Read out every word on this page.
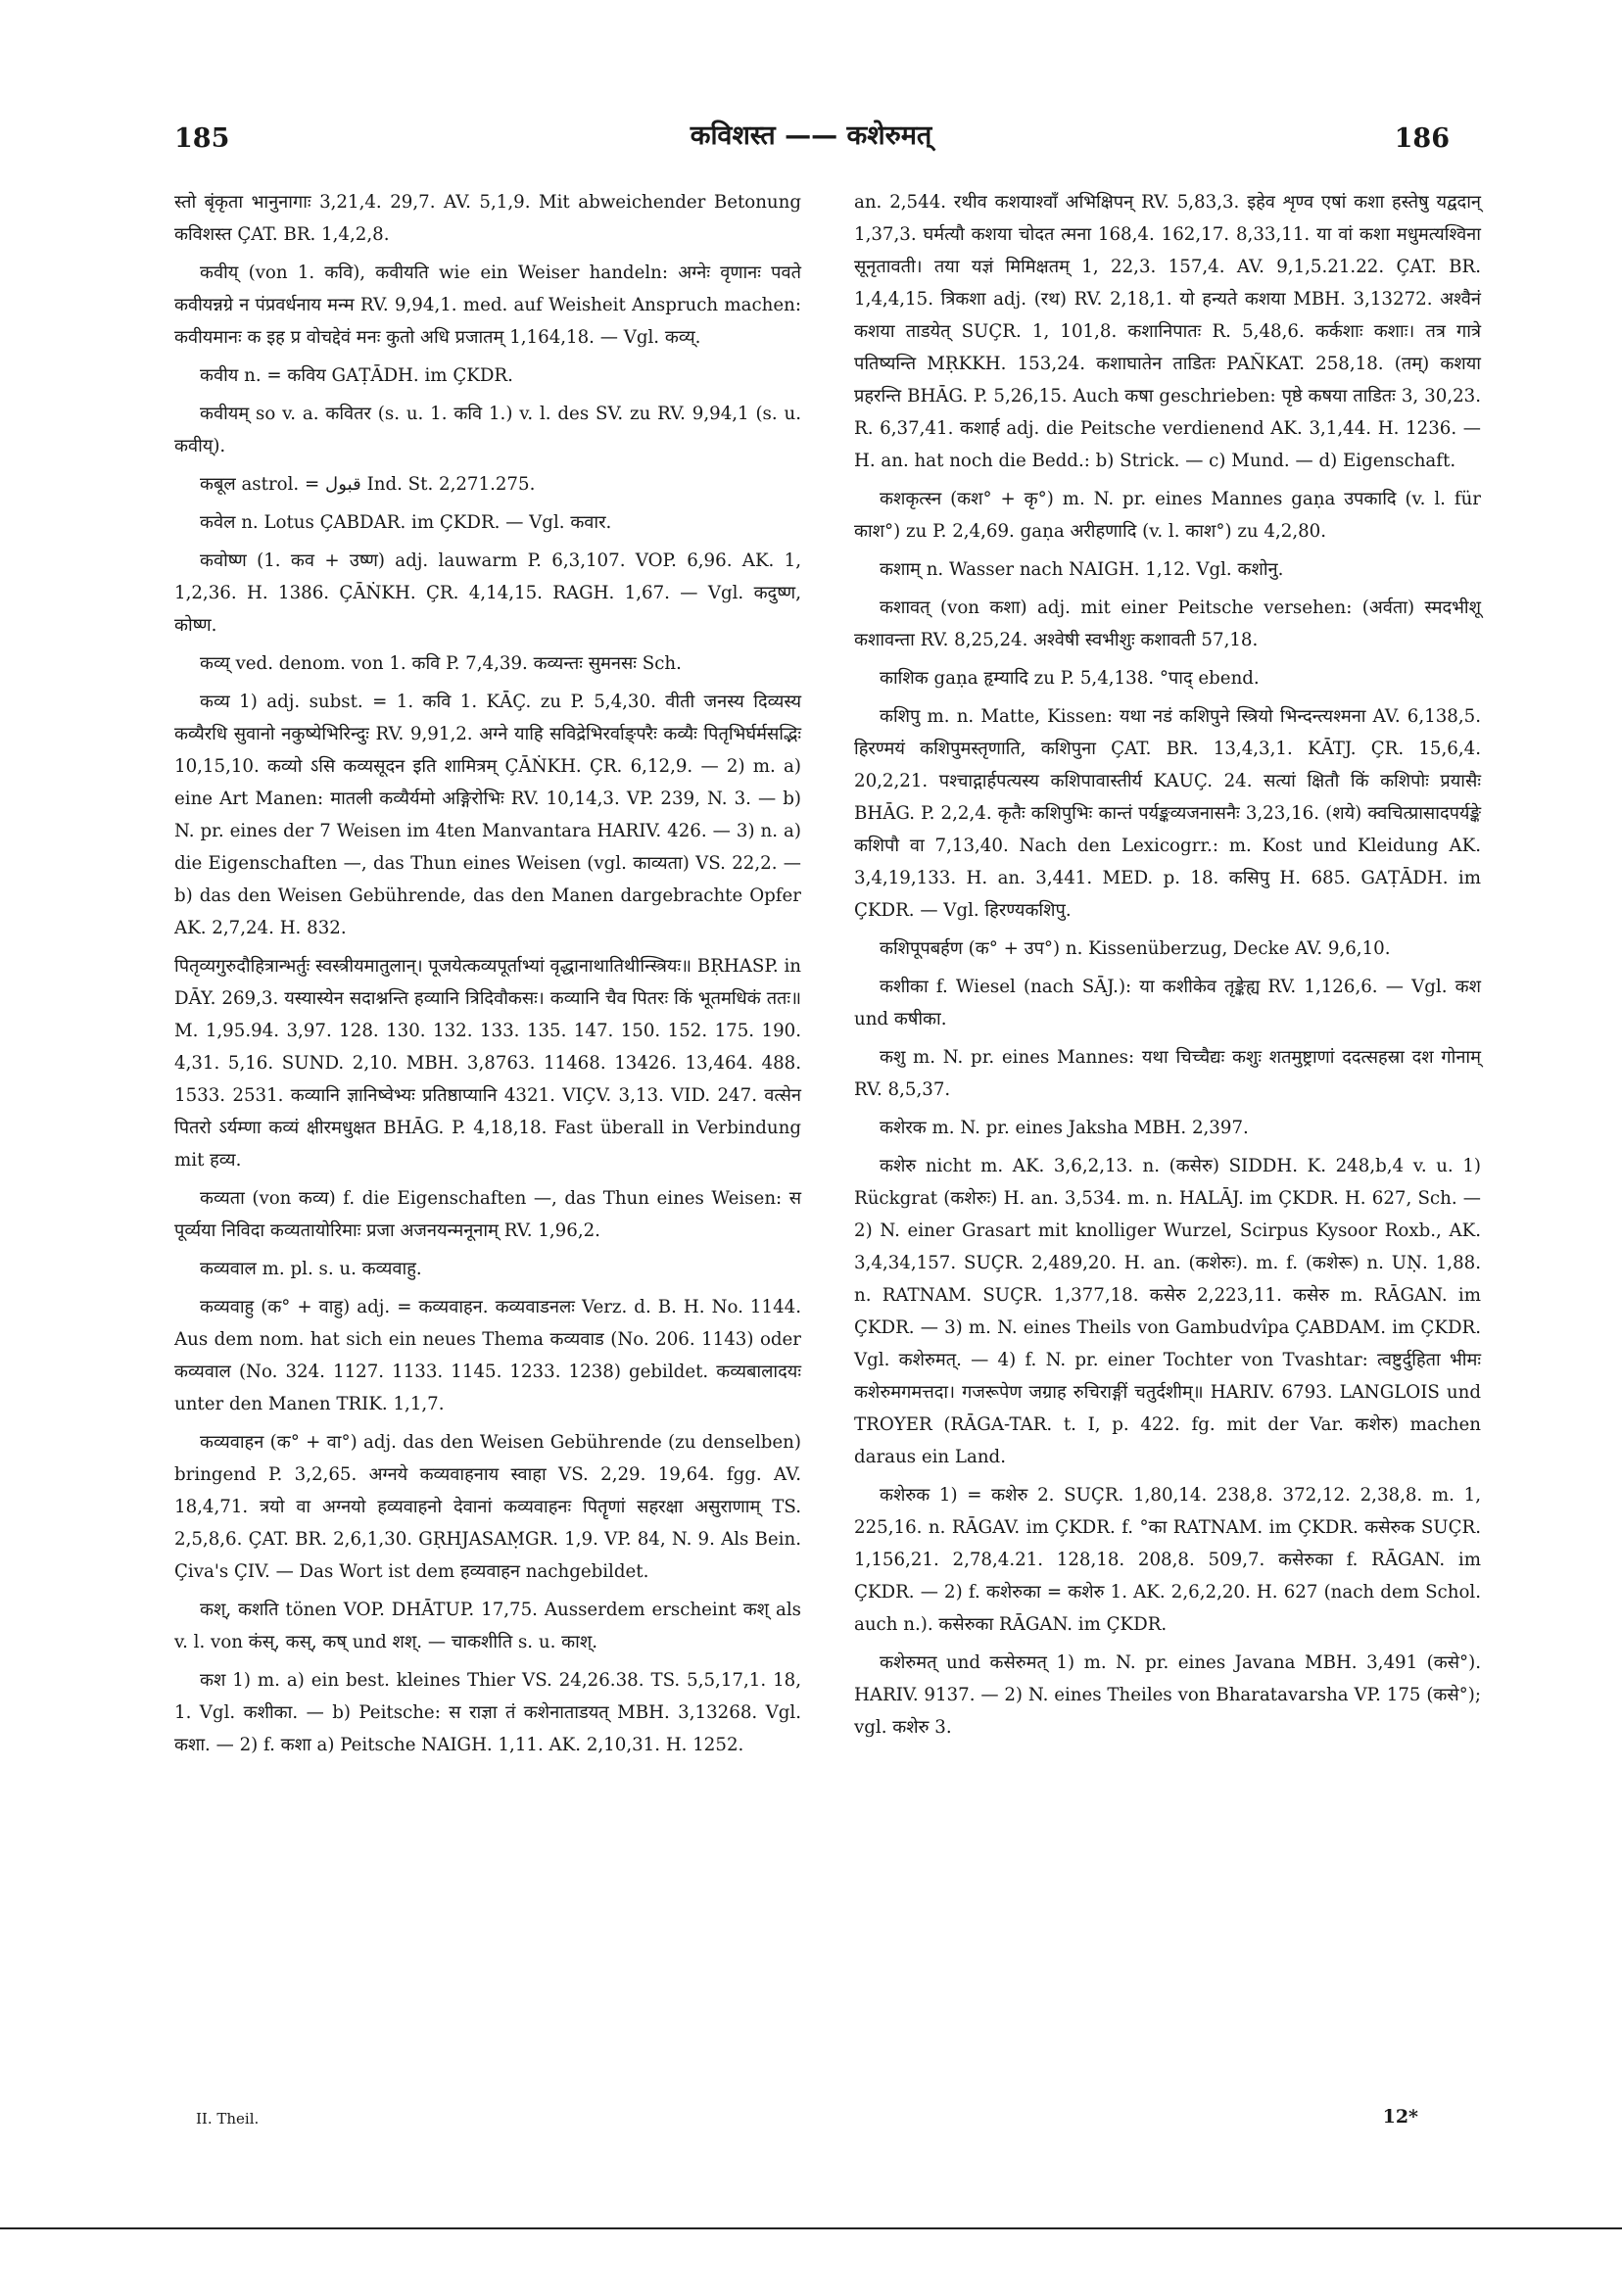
185	कविशस्त —— कशेरुमत्	186

स्तो बृंकृता भानुनागाः 3,21,4. 29,7. AV. 5,1,9. Mit abweichender Betonung कविशस्त ÇAT. BR. 1,4,2,8.

कवीय् (von 1. कवि), कवीयति wie ein Weiser handeln: अग्नेः वृणानः पवते कवीयन्नग्रे न पंप्रवर्धनाय मन्म RV. 9,94,1. med. auf Weisheit Anspruch machen: कवीयमानः क इह प्र वोचद्देवं मनः कुतो अधि प्रजातम् 1,164,18. — Vgl. कव्य्.

कवीय n. = कविय GAṬĀDH. im ÇKDR.

कवीयम् so v. a. कवितर (s. u. 1. कवि 1.) v. l. des SV. zu RV. 9,94,1 (s. u. कवीय्).

कबूल astrol. = قبول Ind. St. 2,271.275.

कवेल n. Lotus ÇABDAR. im ÇKDR. — Vgl. कवार.

कवोष्ण (1. कव + उष्ण) adj. lauwarm P. 6,3,107. VOP. 6,96. AK. 1, 1,2,36. H. 1386. ÇĀṄKH. ÇR. 4,14,15. RAGH. 1,67. — Vgl. कदुष्ण, कोष्ण.

कव्य् ved. denom. von 1. कवि P. 7,4,39. कव्यन्तः सुमनसः Sch.

कव्य 1) adj. subst. = 1. कवि 1. KĀÇ. zu P. 5,4,30. वीती जनस्य दिव्यस्य कव्यैरधि सुवानो नकुष्येभिरिन्दुः RV. 9,91,2. अग्ने याहि सविद्रेभिरर्वाङ्परैः कव्यैः पितृभिर्घर्मसद्भिः 10,15,10. कव्यो ऽसि कव्यसूदन इति शामित्रम् ÇĀṄKH. ÇR. 6,12,9. — 2) m. a) eine Art Manen: मातली कव्यैर्यमो अङ्गिरोभिः RV. 10,14,3. VP. 239, N. 3. — b) N. pr. eines der 7 Weisen im 4ten Manvantara HARIV. 426. — 3) n. a) die Eigenschaften —, das Thun eines Weisen (vgl. काव्यता) VS. 22,2. — b) das den Weisen Gebührende, das den Manen dargebrachte Opfer AK. 2,7,24. H. 832.

पितृव्यगुरुदौहित्रान्भर्तुः स्वस्त्रीयमातुलान्। पूजयेत्कव्यपूर्ताभ्यां वृद्धानाथातिथीन्स्त्रियः॥ BṚHASP. in DĀY. 269,3. यस्यास्येन सदाश्नन्ति हव्यानि त्रिदिवौकसः। कव्यानि चैव पितरः किं भूतमधिकं ततः॥ M. 1,95.94. 3,97. 128. 130. 132. 133. 135. 147. 150. 152. 175. 190. 4,31. 5,16. SUND. 2,10. MBH. 3,8763. 11468. 13426. 13,464. 488. 1533. 2531. कव्यानि ज्ञानिष्वेभ्यः प्रतिष्ठाप्यानि 4321. VIÇV. 3,13. VID. 247. वत्सेन पितरो ऽर्यम्णा कव्यं क्षीरमधुक्षत BHĀG. P. 4,18,18. Fast überall in Verbindung mit हव्य.

कव्यता (von कव्य) f. die Eigenschaften —, das Thun eines Weisen: स पूर्व्यया निविदा कव्यतायोरिमाः प्रजा अजनयन्मनूनाम् RV. 1,96,2.

कव्यवाल m. pl. s. u. कव्यवाहु.

कव्यवाहु (क° + वाहु) adj. = कव्यवाहन. कव्यवाडनलः Verz. d. B. H. No. 1144. Aus dem nom. hat sich ein neues Thema कव्यवाड (No. 206. 1143) oder कव्यवाल (No. 324. 1127. 1133. 1145. 1233. 1238) gebildet. कव्यबालादयः unter den Manen TRIK. 1,1,7.

कव्यवाहन (क° + वा°) adj. das den Weisen Gebührende (zu denselben) bringend P. 3,2,65. अग्नये कव्यवाहनाय स्वाहा VS. 2,29. 19,64. fgg. AV. 18,4,71. त्रयो वा अग्नयो हव्यवाहनो देवानां कव्यवाहनः पितॄणां सहरक्षा असुराणाम् TS. 2,5,8,6. ÇAT. BR. 2,6,1,30. GṚHJASAṂGR. 1,9. VP. 84, N. 9. Als Bein. Çiva's ÇIV. — Das Wort ist dem हव्यवाहन nachgebildet.

कश्, कशति tönen VOP. DHĀTUP. 17,75. Ausserdem erscheint कश् als v. l. von कंस्, कस्, कष् und शश्. — चाकशीति s. u. काश्.

कश 1) m. a) ein best. kleines Thier VS. 24,26.38. TS. 5,5,17,1. 18, 1. Vgl. कशीका. — b) Peitsche: स राज्ञा तं कशेनाताडयत् MBH. 3,13268. Vgl. कशा. — 2) f. कशा a) Peitsche NAIGH. 1,11. AK. 2,10,31. H. 1252.

an. 2,544. रथीव कशयाश्वाँ अभिक्षिपन् RV. 5,83,3. इहेव शृण्व एषां कशा हस्तेषु यद्वदान् 1,37,3. घर्मत्यौ कशया चोदत त्मना 168,4. 162,17. 8,33,11. या वां कशा मधुमत्यश्विना सूनृतावती। तया यज्ञं मिमिक्षतम् 1, 22,3. 157,4. AV. 9,1,5.21.22. ÇAT. BR. 1,4,4,15. त्रिकशा adj. (रथ) RV. 2,18,1. यो हन्यते कशया MBH. 3,13272. अश्वैनं कशया ताडयेत् SUÇR. 1, 101,8. कशानिपातः R. 5,48,6. कर्कशाः कशाः। तत्र गात्रे पतिष्यन्ति MṚKKH. 153,24. कशाघातेन ताडितः PAÑKAT. 258,18. (तम्) कशया प्रहरन्ति BHĀG. P. 5,26,15. Auch कषा geschrieben: पृष्ठे कषया ताडितः 3, 30,23. R. 6,37,41. कशार्ह adj. die Peitsche verdienend AK. 3,1,44. H. 1236. — H. an. hat noch die Bedd.: b) Strick. — c) Mund. — d) Eigenschaft.

कशकृत्स्न (कश° + कृ°) m. N. pr. eines Mannes gaṇa उपकादि (v. l. für काश°) zu P. 2,4,69. gaṇa अरीहणादि (v. l. काश°) zu 4,2,80.

कशाम् n. Wasser nach NAIGH. 1,12. Vgl. कशोनु.

कशावत् (von कशा) adj. mit einer Peitsche versehen: (अर्वता) स्मदभीशू कशावन्ता RV. 8,25,24. अश्वेषी स्वभीशुः कशावती 57,18.

काशिक gaṇa हृम्यादि zu P. 5,4,138. °पाद् ebend.

कशिपु m. n. Matte, Kissen: यथा नडं कशिपुने स्त्रियो भिन्दन्त्यश्मना AV. 6,138,5. हिरण्मयं कशिपुमस्तृणाति, कशिपुना ÇAT. BR. 13,4,3,1. KĀTJ. ÇR. 15,6,4. 20,2,21. पश्चाद्गार्हपत्यस्य कशिपावास्तीर्य KAUÇ. 24. सत्यां क्षितौ किं कशिपोः प्रयासैः BHĀG. P. 2,2,4. कृतैः कशिपुभिः कान्तं पर्यङ्कव्यजनासनैः 3,23,16. (शये) क्वचित्प्रासादपर्यङ्के कशिपौ वा 7,13,40. Nach den Lexicogrr.: m. Kost und Kleidung AK. 3,4,19,133. H. an. 3,441. MED. p. 18. कसिपु H. 685. GAṬĀDH. im ÇKDR. — Vgl. हिरण्यकशिपु.

कशिपूपबर्हण (क° + उप°) n. Kissenüberzug, Decke AV. 9,6,10.

कशीका f. Wiesel (nach SĀJ.): या कशीकेव तृङ्केह्य RV. 1,126,6. — Vgl. कश und कषीका.

कशु m. N. pr. eines Mannes: यथा चिच्चैद्यः कशुः शतमुष्ट्राणां ददत्सहस्रा दश गोनाम् RV. 8,5,37.

कशेरक m. N. pr. eines Jaksha MBH. 2,397.

कशेरु nicht m. AK. 3,6,2,13. n. (कसेरु) SIDDH. K. 248,b,4 v. u. 1) Rückgrat (कशेरुः) H. an. 3,534. m. n. HALĀJ. im ÇKDR. H. 627, Sch. — 2) N. einer Grasart mit knolliger Wurzel, Scirpus Kysoor Roxb., AK. 3,4,34,157. SUÇR. 2,489,20. H. an. (कशेरुः). m. f. (कशेरू) n. UṆ. 1,88. n. RATNAM. SUÇR. 1,377,18. कसेरु 2,223,11. कसेरु m. RĀGAN. im ÇKDR. — 3) m. N. eines Theils von Gambudvîpa ÇABDAM. im ÇKDR. Vgl. कशेरुमत्. — 4) f. N. pr. einer Tochter von Tvashtar: त्वष्टुर्दुहिता भीमः कशेरुमगमत्तदा। गजरूपेण जग्राह रुचिराङ्गीं चतुर्दशीम्॥ HARIV. 6793. LANGLOIS und TROYER (RĀGA-TAR. t. I, p. 422. fg. mit der Var. कशेरु) machen daraus ein Land.

कशेरुक 1) = कशेरु 2. SUÇR. 1,80,14. 238,8. 372,12. 2,38,8. m. 1, 225,16. n. RĀGAV. im ÇKDR. f. °का RATNAM. im ÇKDR. कसेरुक SUÇR. 1,156,21. 2,78,4.21. 128,18. 208,8. 509,7. कसेरुका f. RĀGAN. im ÇKDR. — 2) f. कशेरुका = कशेरु 1. AK. 2,6,2,20. H. 627 (nach dem Schol. auch n.). कसेरुका RĀGAN. im ÇKDR.

कशेरुमत् und कसेरुमत् 1) m. N. pr. eines Javana MBH. 3,491 (कसे°). HARIV. 9137. — 2) N. eines Theiles von Bharatavarsha VP. 175 (कसे°); vgl. कशेरु 3.

II. Theil.	12*
